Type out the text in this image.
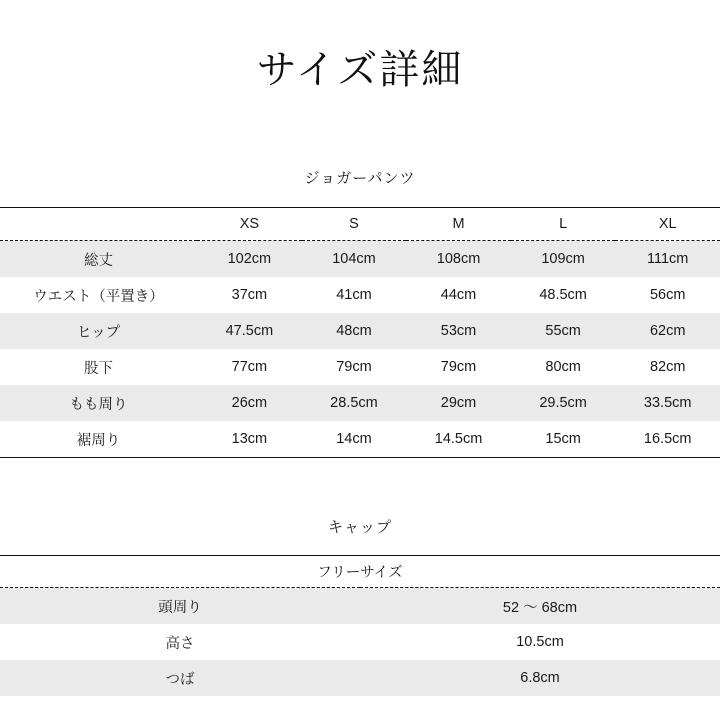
サイズ詳細
ジョガーパンツ
	XS	S	M	L	XL
総丈	102cm	104cm	108cm	109cm	111cm
ウエスト（平置き）	37cm	41cm	44cm	48.5cm	56cm
ヒップ	47.5cm	48cm	53cm	55cm	62cm
股下	77cm	79cm	79cm	80cm	82cm
もも周り	26cm	28.5cm	29cm	29.5cm	33.5cm
裾周り	13cm	14cm	14.5cm	15cm	16.5cm
キャップ
フリーサイズ	
頭周り	52 〜 68cm
高さ	10.5cm
つば	6.8cm
